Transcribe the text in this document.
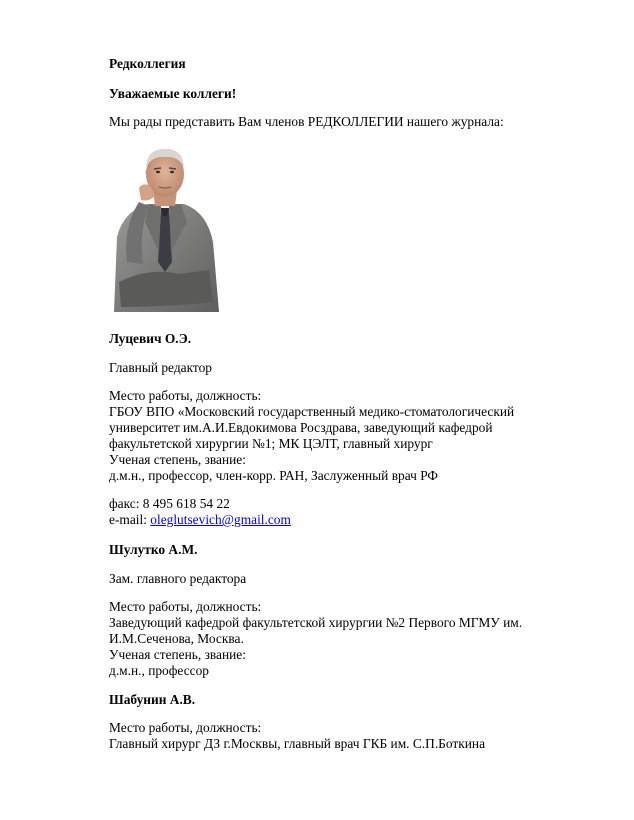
Редколлегия
Уважаемые коллеги!
Мы рады представить Вам членов РЕДКОЛЛЕГИИ нашего журнала:
Луцевич О.Э.
Главный редактор
Место работы, должность:
ГБОУ ВПО «Московский государственный медико-стоматологический
университет им.А.И.Евдокимова Росздрава, заведующий кафедрой
факультетской хирургии №1; МК ЦЭЛТ, главный хирург
Ученая степень, звание:
д.м.н., профессор, член-корр. РАН, Заслуженный врач РФ
факс: 8 495 618 54 22
e-mail: oleglutsevich@gmail.com
Шулутко А.М.
Зам. главного редактора
Место работы, должность:
Заведующий кафедрой факультетской хирургии №2 Первого МГМУ им.
И.М.Сеченова, Москва.
Ученая степень, звание:
д.м.н., профессор
Шабунин А.В.
Место работы, должность:
Главный хирург ДЗ г.Москвы, главный врач ГКБ им. С.П.Боткина
